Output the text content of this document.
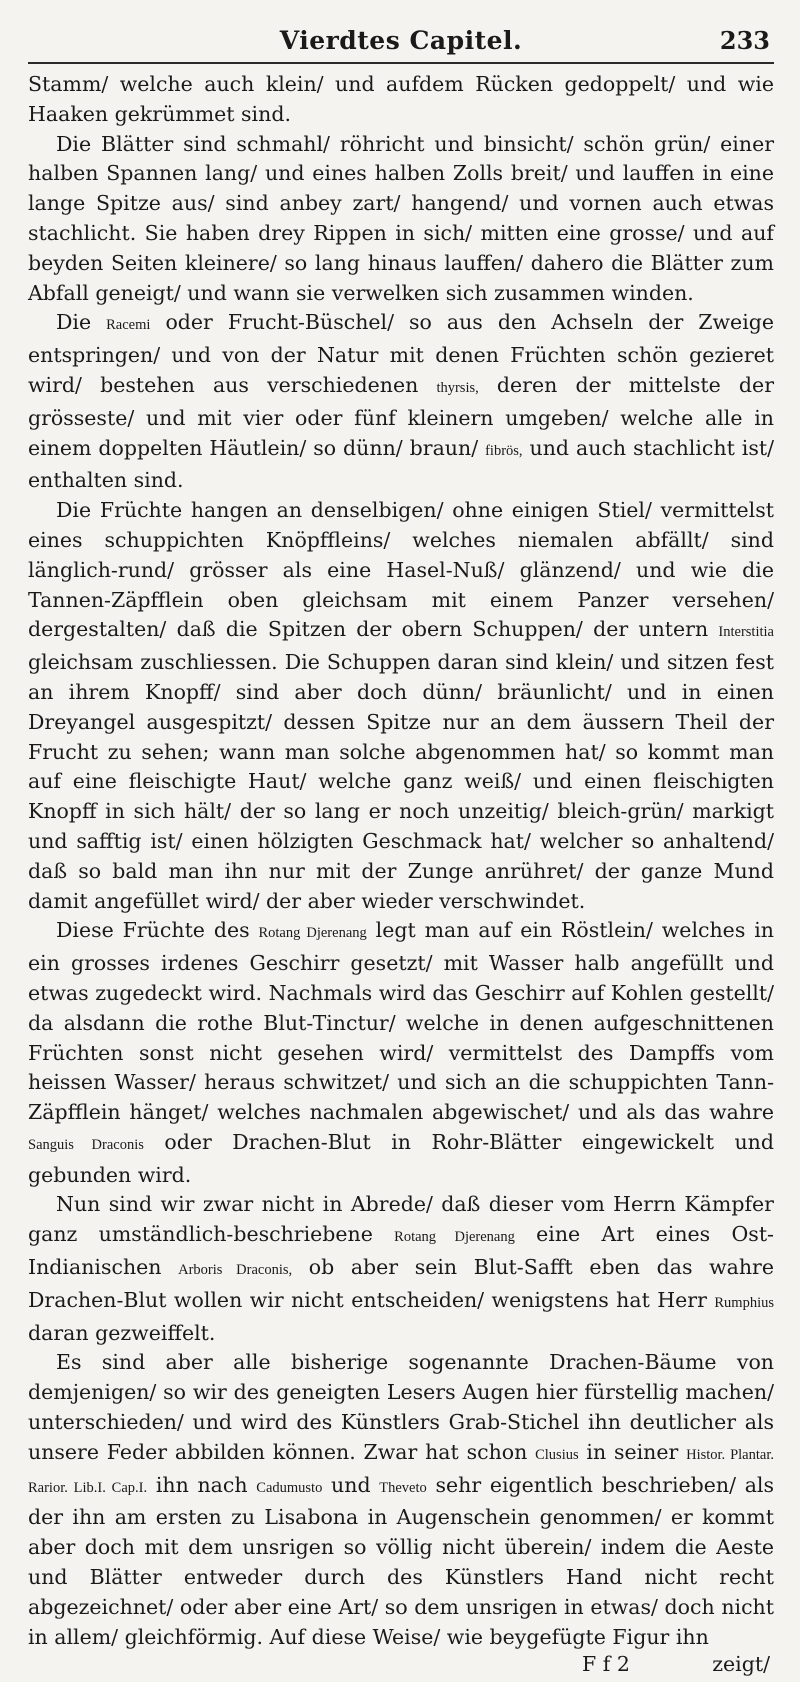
Vierdtes Capitel.	233

Stamm/ welche auch klein/ und aufdem Rücken gedoppelt/ und wie Haaken gekrümmet sind.

Die Blätter sind schmahl/ röhricht und binsicht/ schön grün/ einer halben Spannen lang/ und eines halben Zolls breit/ und lauffen in eine lange Spitze aus/ sind anbey zart/ hangend/ und vornen auch etwas stachlicht. Sie haben drey Rippen in sich/ mitten eine grosse/ und auf beyden Seiten kleinere/ so lang hinaus lauffen/ dahero die Blätter zum Abfall geneigt/ und wann sie verwelken sich zusammen winden.

Die Racemi oder Frucht-Büschel/ so aus den Achseln der Zweige entspringen/ und von der Natur mit denen Früchten schön gezieret wird/ bestehen aus verschiedenen thyrsis, deren der mittelste der grösseste/ und mit vier oder fünf kleinern umgeben/ welche alle in einem doppelten Häutlein/ so dünn/ braun/ fibrös, und auch stachlicht ist/ enthalten sind.

Die Früchte hangen an denselbigen/ ohne einigen Stiel/ vermittelst eines schuppichten Knöpffleins/ welches niemalen abfällt/ sind länglich-rund/ grösser als eine Hasel-Nuß/ glänzend/ und wie die Tannen-Zäpfflein oben gleichsam mit einem Panzer versehen/ dergestalten/ daß die Spitzen der obern Schuppen/ der untern Interstitia gleichsam zuschliessen. Die Schuppen daran sind klein/ und sitzen fest an ihrem Knopff/ sind aber doch dünn/ bräunlicht/ und in einen Dreyangel ausgespitzt/ dessen Spitze nur an dem äussern Theil der Frucht zu sehen; wann man solche abgenommen hat/ so kommt man auf eine fleischigte Haut/ welche ganz weiß/ und einen fleischigten Knopff in sich hält/ der so lang er noch unzeitig/ bleich-grün/ markigt und safftig ist/ einen hölzigten Geschmack hat/ welcher so anhaltend/ daß so bald man ihn nur mit der Zunge anrühret/ der ganze Mund damit angefüllet wird/ der aber wieder verschwindet.

Diese Früchte des Rotang Djerenang legt man auf ein Röstlein/ welches in ein grosses irdenes Geschirr gesetzt/ mit Wasser halb angefüllt und etwas zugedeckt wird. Nachmals wird das Geschirr auf Kohlen gestellt/ da alsdann die rothe Blut-Tinctur/ welche in denen aufgeschnittenen Früchten sonst nicht gesehen wird/ vermittelst des Dampffs vom heissen Wasser/ heraus schwitzet/ und sich an die schuppichten Tann-Zäpfflein hänget/ welches nachmalen abgewischet/ und als das wahre Sanguis Draconis oder Drachen-Blut in Rohr-Blätter eingewickelt und gebunden wird.

Nun sind wir zwar nicht in Abrede/ daß dieser vom Herrn Kämpfer ganz umständlich-beschriebene Rotang Djerenang eine Art eines Ost-Indianischen Arboris Draconis, ob aber sein Blut-Safft eben das wahre Drachen-Blut wollen wir nicht entscheiden/ wenigstens hat Herr Rumphius daran gezweiffelt.

Es sind aber alle bisherige sogenannte Drachen-Bäume von demjenigen/ so wir des geneigten Lesers Augen hier fürstellig machen/ unterschieden/ und wird des Künstlers Grab-Stichel ihn deutlicher als unsere Feder abbilden können. Zwar hat schon Clusius in seiner Histor. Plantar. Rarior. Lib.I. Cap.I. ihn nach Cadumusto und Theveto sehr eigentlich beschrieben/ als der ihn am ersten zu Lisabona in Augenschein genommen/ er kommt aber doch mit dem unsrigen so völlig nicht überein/ indem die Aeste und Blätter entweder durch des Künstlers Hand nicht recht abgezeichnet/ oder aber eine Art/ so dem unsrigen in etwas/ doch nicht in allem/ gleichförmig. Auf diese Weise/ wie beygefügte Figur ihn

F f 2	zeigt/
